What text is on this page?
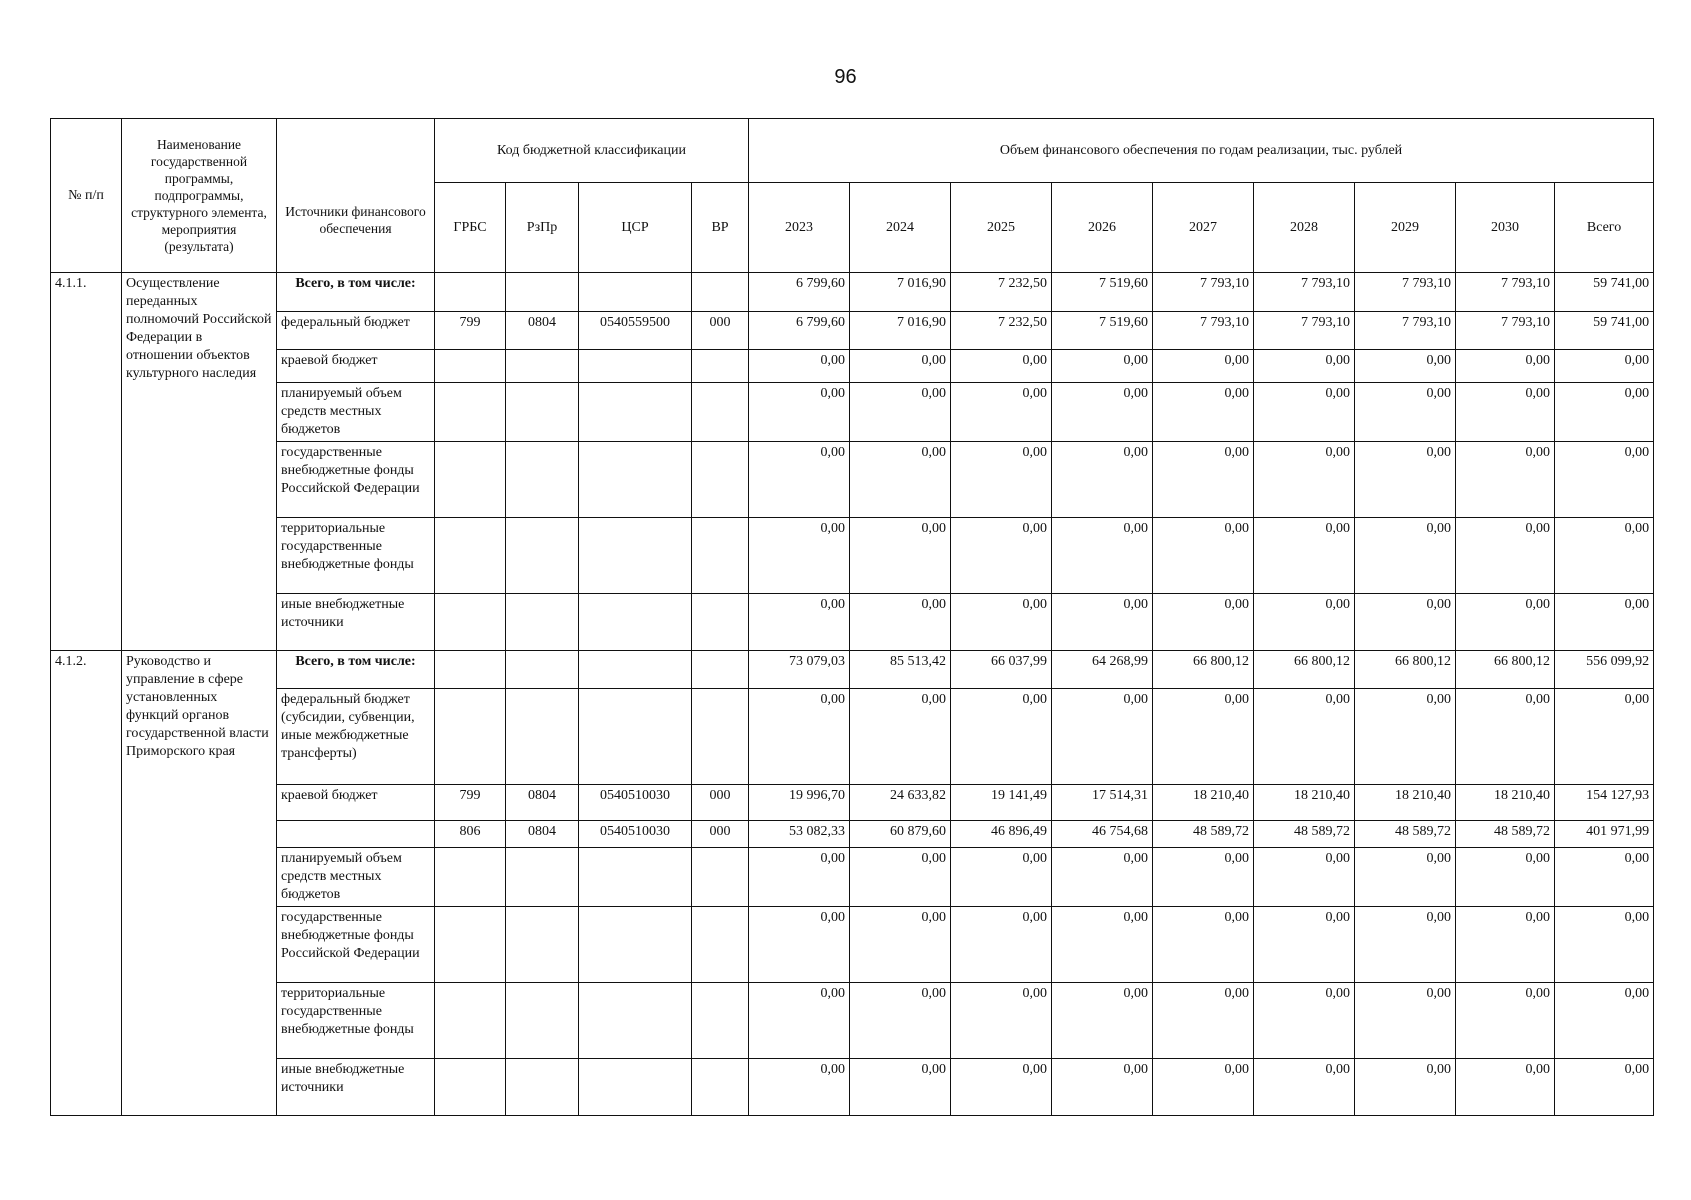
96
№ п/п	Наименование государственной программы, подпрограммы, структурного элемента, мероприятия (результата)	Источники финансового обеспечения	Код бюджетной классификации				Объем финансового обеспечения по годам реализации, тыс. рублей								
			ГРБС	РзПр	ЦСР	ВР	2023	2024	2025	2026	2027	2028	2029	2030	Всего
4.1.1.	Осуществление переданных полномочий Российской Федерации в отношении объектов культурного наследия	Всего, в том числе:					6 799,60	7 016,90	7 232,50	7 519,60	7 793,10	7 793,10	7 793,10	7 793,10	59 741,00
		федеральный бюджет	799	0804	0540559500	000	6 799,60	7 016,90	7 232,50	7 519,60	7 793,10	7 793,10	7 793,10	7 793,10	59 741,00
		краевой бюджет					0,00	0,00	0,00	0,00	0,00	0,00	0,00	0,00	0,00
		планируемый объем средств местных бюджетов					0,00	0,00	0,00	0,00	0,00	0,00	0,00	0,00	0,00
		государственные внебюджетные фонды Российской Федерации					0,00	0,00	0,00	0,00	0,00	0,00	0,00	0,00	0,00
		территориальные государственные внебюджетные фонды					0,00	0,00	0,00	0,00	0,00	0,00	0,00	0,00	0,00
		иные внебюджетные источники					0,00	0,00	0,00	0,00	0,00	0,00	0,00	0,00	0,00
4.1.2.	Руководство и управление в сфере установленных функций органов государственной власти Приморского края	Всего, в том числе:					73 079,03	85 513,42	66 037,99	64 268,99	66 800,12	66 800,12	66 800,12	66 800,12	556 099,92
		федеральный бюджет (субсидии, субвенции, иные межбюджетные трансферты)					0,00	0,00	0,00	0,00	0,00	0,00	0,00	0,00	0,00
		краевой бюджет	799	0804	0540510030	000	19 996,70	24 633,82	19 141,49	17 514,31	18 210,40	18 210,40	18 210,40	18 210,40	154 127,93
			806	0804	0540510030	000	53 082,33	60 879,60	46 896,49	46 754,68	48 589,72	48 589,72	48 589,72	48 589,72	401 971,99
		планируемый объем средств местных бюджетов					0,00	0,00	0,00	0,00	0,00	0,00	0,00	0,00	0,00
		государственные внебюджетные фонды Российской Федерации					0,00	0,00	0,00	0,00	0,00	0,00	0,00	0,00	0,00
		территориальные государственные внебюджетные фонды					0,00	0,00	0,00	0,00	0,00	0,00	0,00	0,00	0,00
		иные внебюджетные источники					0,00	0,00	0,00	0,00	0,00	0,00	0,00	0,00	0,00
